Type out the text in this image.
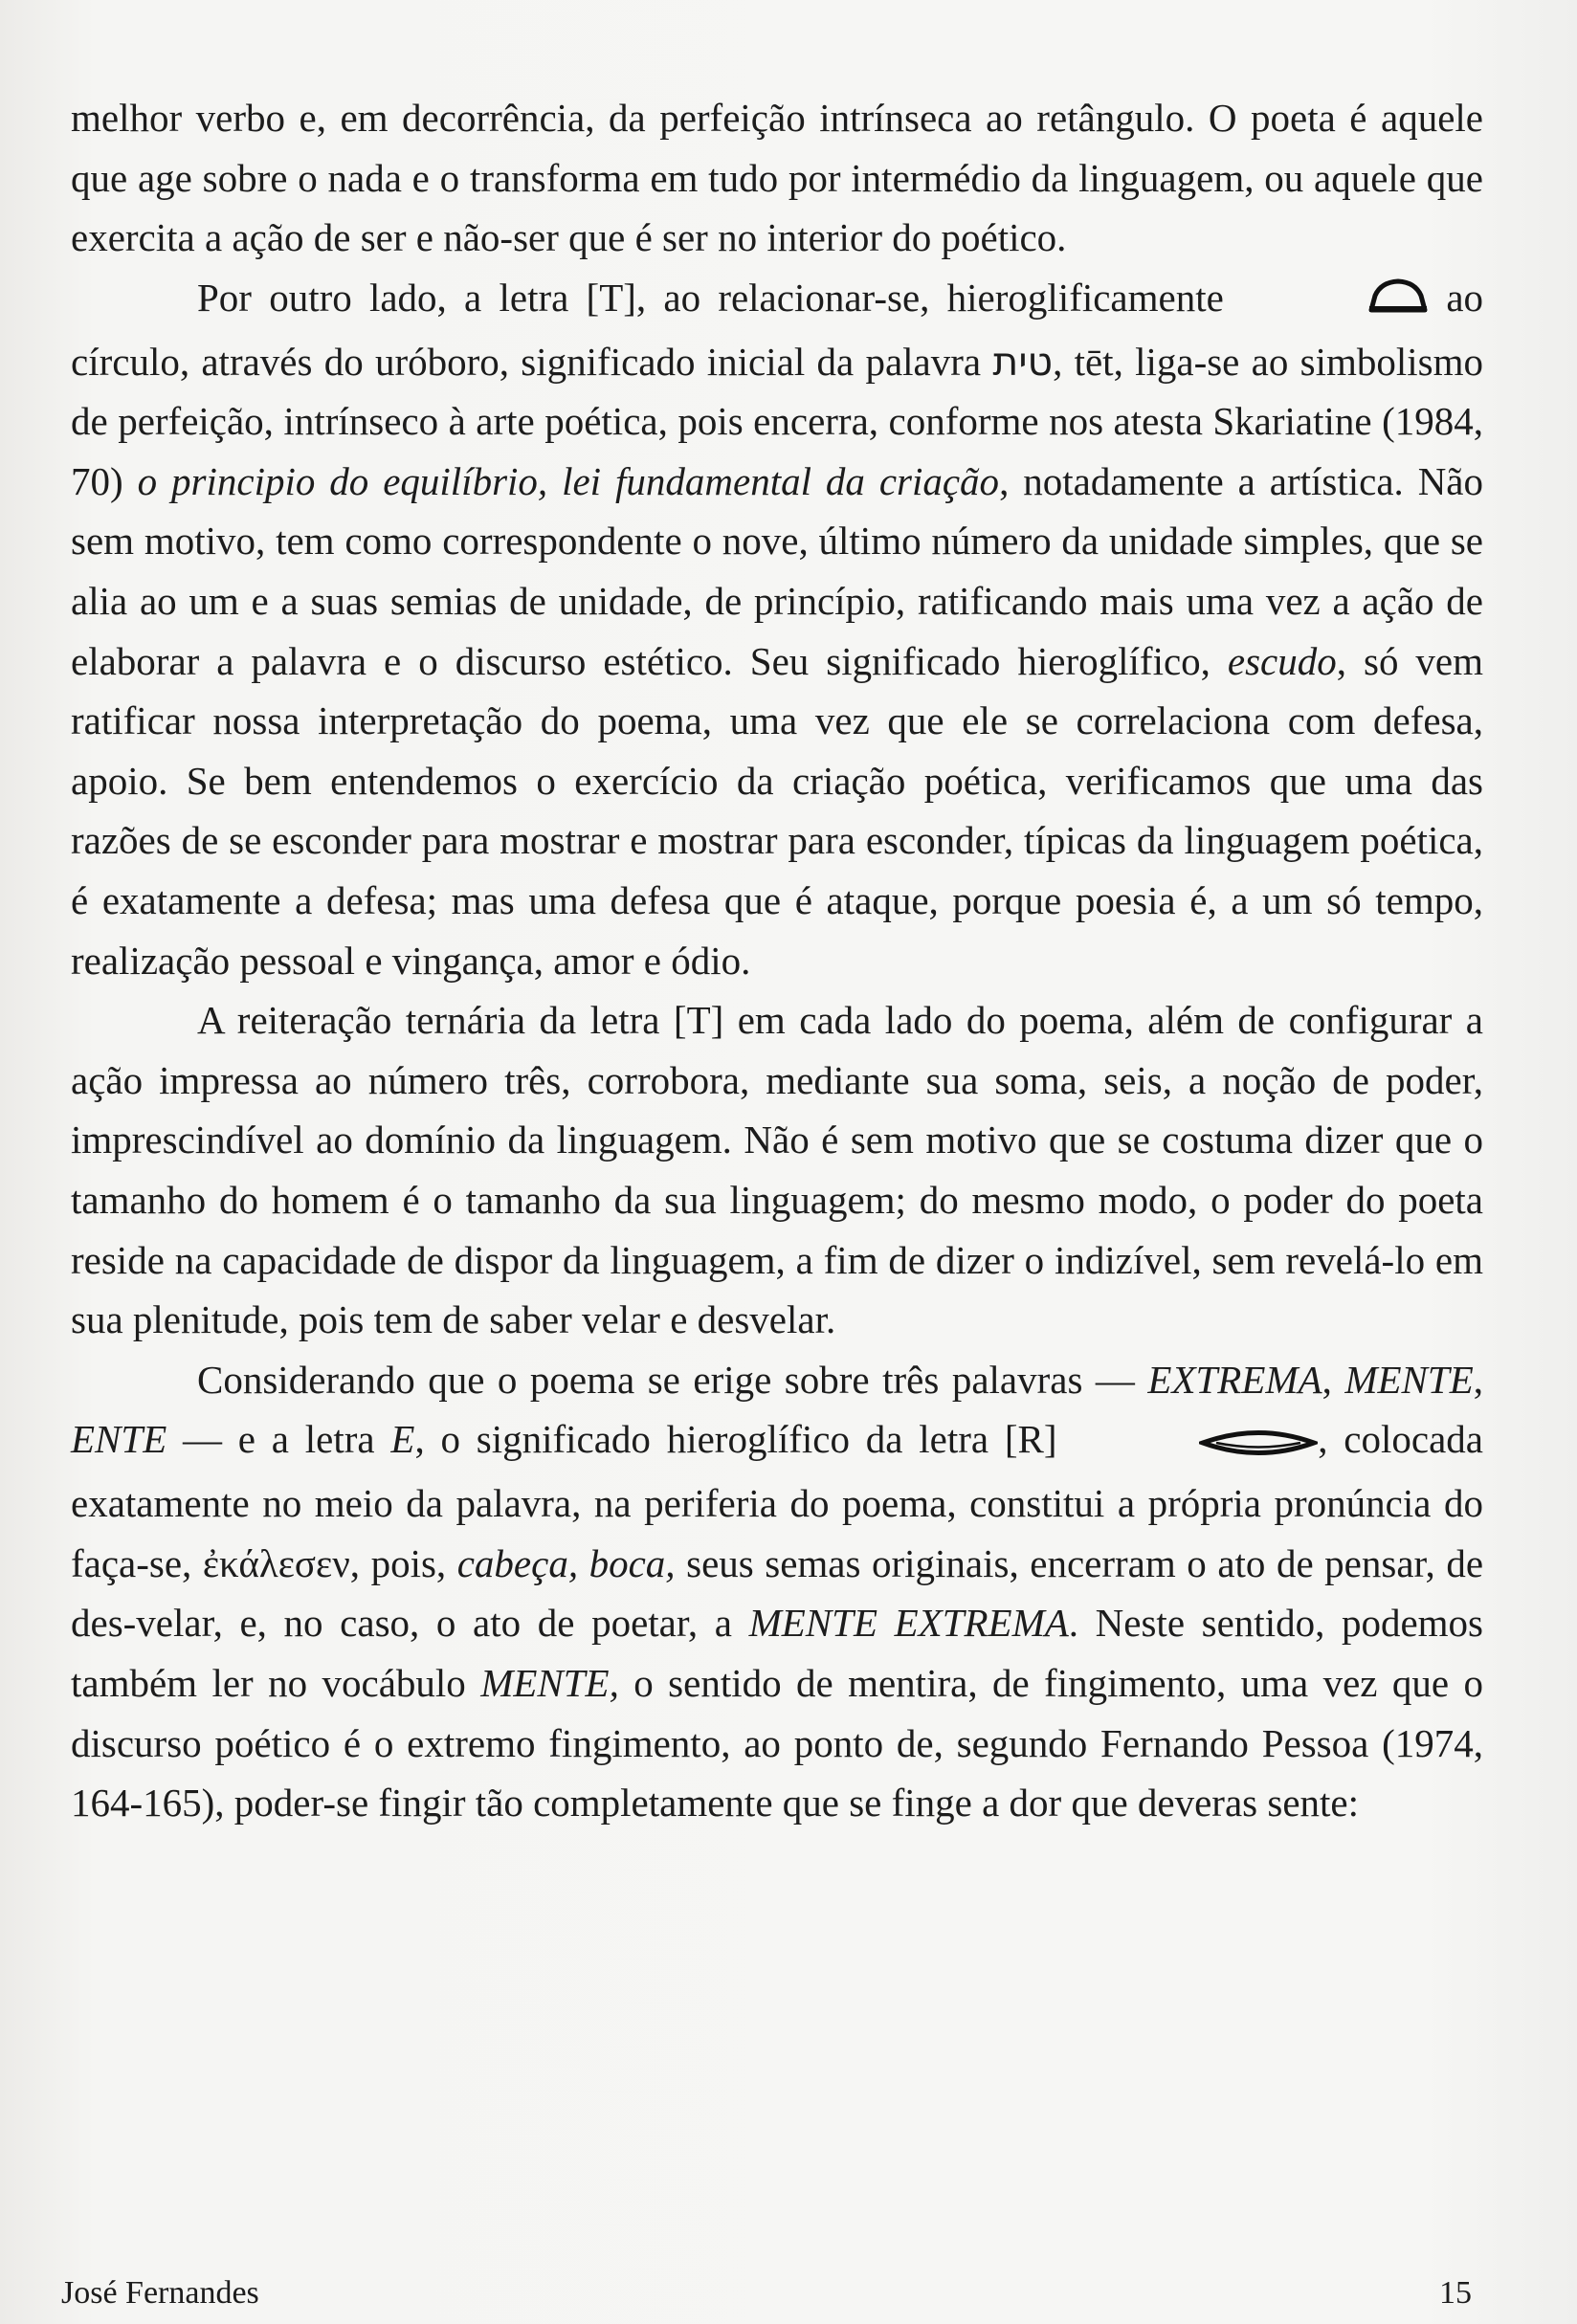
melhor verbo e, em decorrência, da perfeição intrínseca ao retângulo. O poeta é aquele que age sobre o nada e o transforma em tudo por intermédio da linguagem, ou aquele que exercita a ação de ser e não-ser que é ser no interior do poético.

Por outro lado, a letra [T], ao relacionar-se, hieroglificamente	ao círculo, através do uróboro, significado inicial da palavra טית, tēt, liga-se ao simbolismo de perfeição, intrínseco à arte poética, pois encerra, conforme nos atesta Skariatine (1984, 70) o principio do equilíbrio, lei fundamental da criação, notadamente a artística. Não sem motivo, tem como correspondente o nove, último número da unidade simples, que se alia ao um e a suas semias de unidade, de princípio, ratificando mais uma vez a ação de elaborar a palavra e o discurso estético. Seu significado hieroglífico, escudo, só vem ratificar nossa interpretação do poema, uma vez que ele se correlaciona com defesa, apoio. Se bem entendemos o exercício da criação poética, verificamos que uma das razões de se esconder para mostrar e mostrar para esconder, típicas da linguagem poética, é exatamente a defesa; mas uma defesa que é ataque, porque poesia é, a um só tempo, realização pessoal e vingança, amor e ódio.

A reiteração ternária da letra [T] em cada lado do poema, além de configurar a ação impressa ao número três, corrobora, mediante sua soma, seis, a noção de poder, imprescindível ao domínio da linguagem. Não é sem motivo que se costuma dizer que o tamanho do homem é o tamanho da sua linguagem; do mesmo modo, o poder do poeta reside na capacidade de dispor da linguagem, a fim de dizer o indizível, sem revelá-lo em sua plenitude, pois tem de saber velar e desvelar.

Considerando que o poema se erige sobre três palavras — EXTREMA, MENTE, ENTE — e a letra E, o significado hieroglífico da letra [R]	, colocada exatamente no meio da palavra, na periferia do poema, constitui a própria pronúncia do faça-se, ἐκάλεσεν, pois, cabeça, boca, seus semas originais, encerram o ato de pensar, de des-velar, e, no caso, o ato de poetar, a MENTE EXTREMA. Neste sentido, podemos também ler no vocábulo MENTE, o sentido de mentira, de fingimento, uma vez que o discurso poético é o extremo fingimento, ao ponto de, segundo Fernando Pessoa (1974, 164-165), poder-se fingir tão completamente que se finge a dor que deveras sente:

José Fernandes	15
